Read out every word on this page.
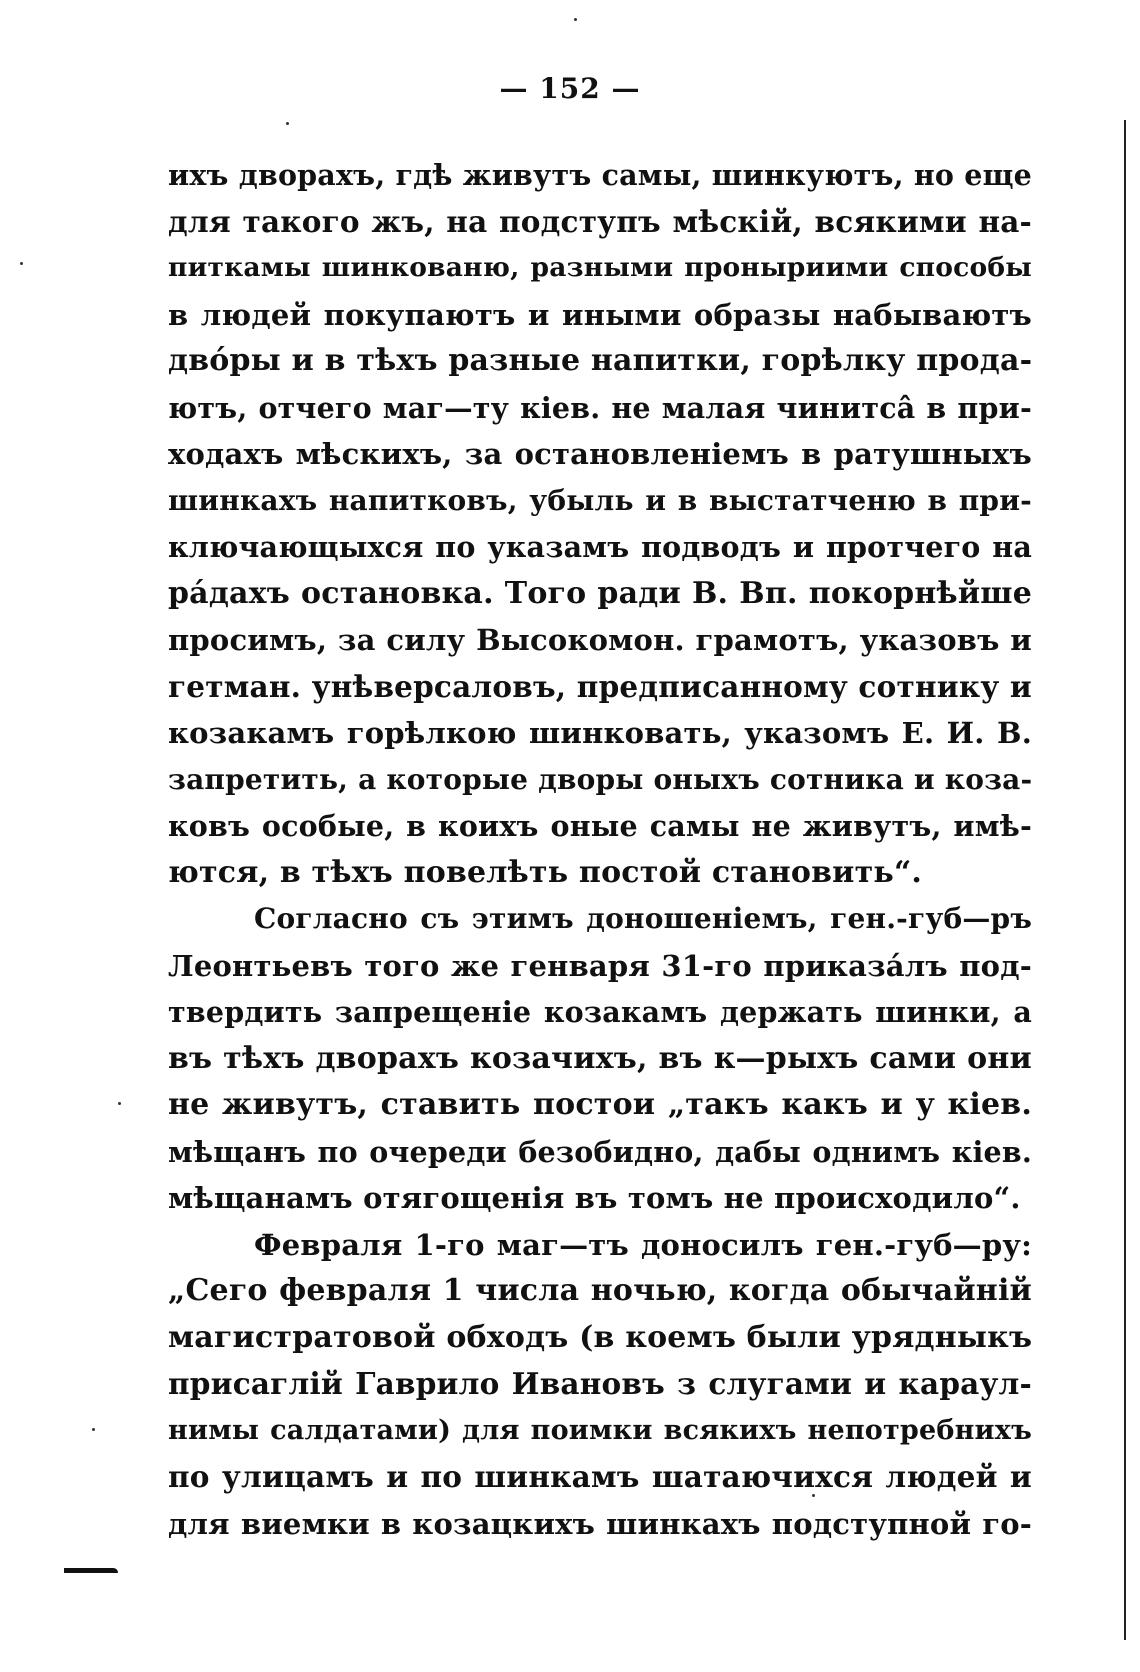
— 152 —
ихъ дворахъ, гдѣ живутъ самы, шинкуютъ, но еще
для такого жъ, на подступъ мѣскій, всякими на-
питкамы шинкованю, разными проныриими способы
в людей покупаютъ и иными образы набываютъ
двóры и в тѣхъ разные напитки, горѣлку прода-
ютъ, отчего маг—ту кіев. не малая чинитсâ в при-
ходахъ мѣскихъ, за остановленіемъ в ратушныхъ
шинкахъ напитковъ, убыль и в выстатченю в при-
ключающыхся по указамъ подводъ и протчего на
рáдахъ остановка. Того ради В. Вп. покорнѣйше
просимъ, за силу Высокомон. грамотъ, указовъ и
гетман. унѣверсаловъ, предписанному сотнику и
козакамъ горѣлкою шинковать, указомъ Е. И. В.
запретить, а которые дворы оныхъ сотника и коза-
ковъ особые, в коихъ оные самы не живутъ, имѣ-
ются, в тѣхъ повелѣть постой становить“.
Согласно съ этимъ доношеніемъ, ген.-губ—ръ
Леонтьевъ того же генваря 31-го приказáлъ под-
твердить запрещеніе козакамъ держать шинки, а
въ тѣхъ дворахъ козачихъ, въ к—рыхъ сами они
не живутъ, ставить постои „такъ какъ и у кіев.
мѣщанъ по очереди безобидно, дабы однимъ кіев.
мѣщанамъ отягощенія въ томъ не происходило“.
Февраля 1-го маг—тъ доносилъ ген.-губ—ру:
„Сего февраля 1 числа ночью, когда обычайній
магистратовой обходъ (в коемъ были урядныкъ
присаглій Гаврило Ивановъ з слугами и караул-
нимы салдатами) для поимки всякихъ непотребнихъ
по улицамъ и по шинкамъ шатаючихся людей и
для виемки в козацкихъ шинкахъ подступной го-
